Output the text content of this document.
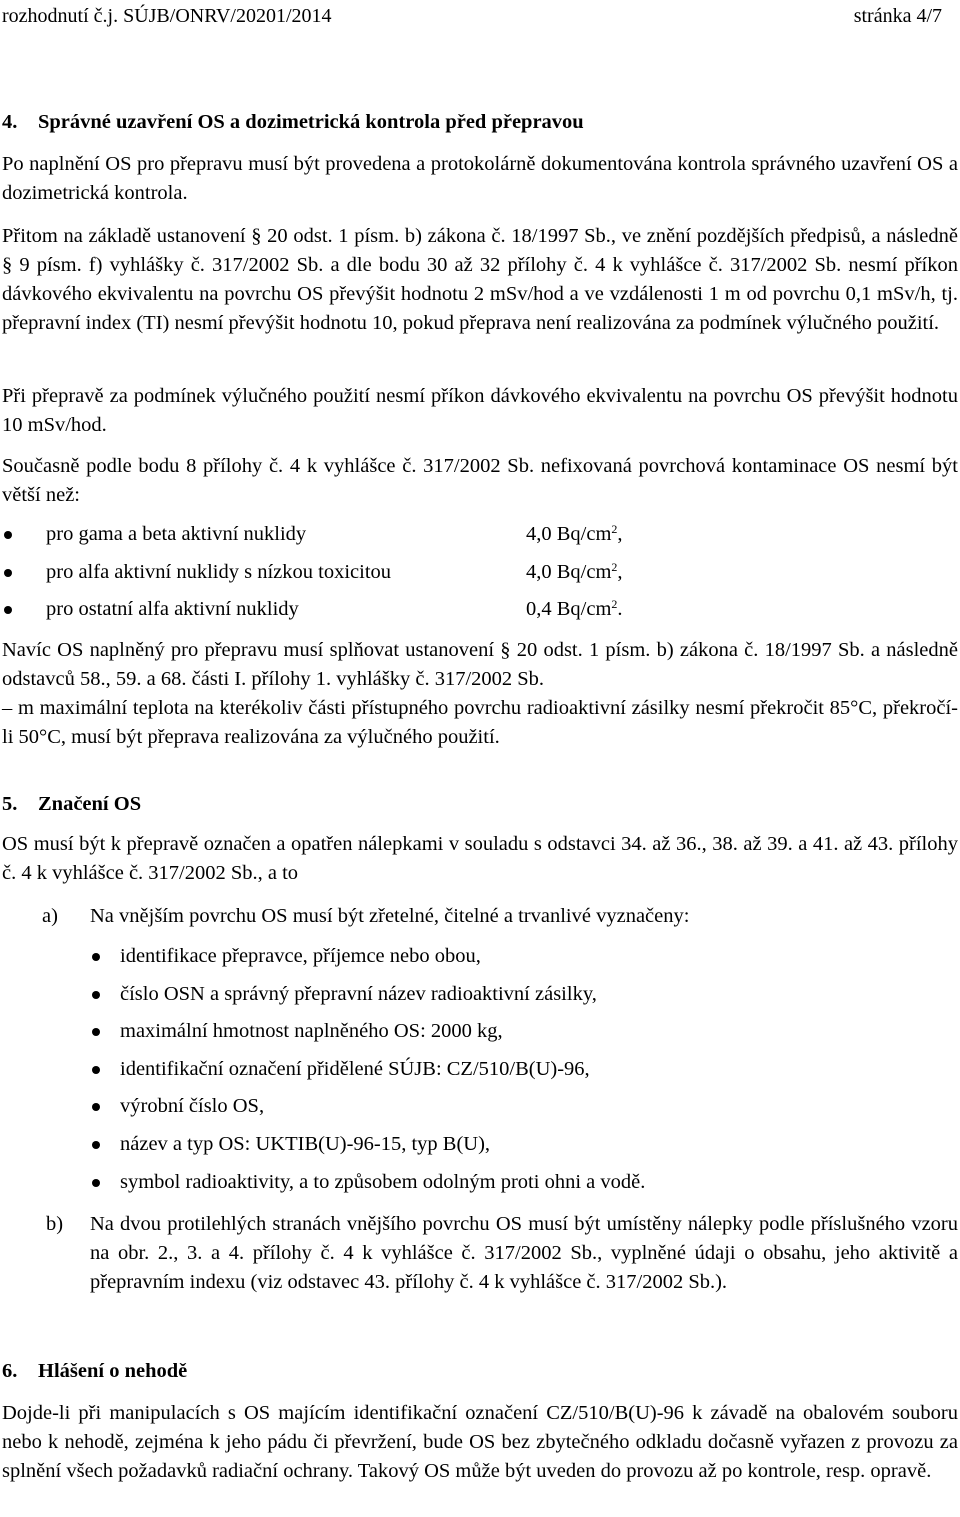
rozhodnutí č.j. SÚJB/ONRV/20201/2014	stránka 4/7
4. Správné uzavření OS a dozimetrická kontrola před přepravou
Po naplnění OS pro přepravu musí být provedena a protokolárně dokumentována kontrola správného uzavření OS a dozimetrická kontrola.
Přitom na základě ustanovení § 20 odst. 1 písm. b) zákona č. 18/1997 Sb., ve znění pozdějších předpisů, a následně § 9 písm. f) vyhlášky č. 317/2002 Sb. a dle bodu 30 až 32 přílohy č. 4 k vyhlášce č. 317/2002 Sb. nesmí příkon dávkového ekvivalentu na povrchu OS převýšit hodnotu 2 mSv/hod a ve vzdálenosti 1 m od povrchu 0,1 mSv/h, tj. přepravní index (TI) nesmí převýšit hodnotu 10, pokud přeprava není realizována za podmínek výlučného použití.
Při přepravě za podmínek výlučného použití nesmí příkon dávkového ekvivalentu na povrchu OS převýšit hodnotu 10 mSv/hod.
Současně podle bodu 8 přílohy č. 4 k vyhlášce č. 317/2002 Sb. nefixovaná povrchová kontaminace OS nesmí být větší než:
pro gama a beta aktivní nuklidy	4,0 $Bq/cm^2$,
pro alfa aktivní nuklidy s nízkou toxicitou	4,0 $Bq/cm^2$,
pro ostatní alfa aktivní nuklidy	0,4 $Bq/cm^2$.
Navíc OS naplněný pro přepravu musí splňovat ustanovení § 20 odst. 1 písm. b) zákona č. 18/1997 Sb. a následně odstavců 58., 59. a 68. části I. přílohy 1. vyhlášky č. 317/2002 Sb.
– m maximální teplota na kterékoliv části přístupného povrchu radioaktivní zásilky nesmí překročit 85°C, překročí-li 50°C, musí být přeprava realizována za výlučného použití.
5. Značení OS
OS musí být k přepravě označen a opatřen nálepkami v souladu s odstavci 34. až 36., 38. až 39. a 41. až 43. přílohy č. 4 k vyhlášce č. 317/2002 Sb., a to
a) Na vnějším povrchu OS musí být zřetelné, čitelné a trvanlivé vyznačeny:
identifikace přepravce, příjemce nebo obou,
číslo OSN a správný přepravní název radioaktivní zásilky,
maximální hmotnost naplněného OS: 2000 kg,
identifikační označení přidělené SÚJB: CZ/510/B(U)-96,
výrobní číslo OS,
název a typ OS: UKTIB(U)-96-15, typ B(U),
symbol radioaktivity, a to způsobem odolným proti ohni a vodě.
b) Na dvou protilehlých stranách vnějšího povrchu OS musí být umístěny nálepky podle příslušného vzoru na obr. 2., 3. a 4. přílohy č. 4 k vyhlášce č. 317/2002 Sb., vyplněné údaji o obsahu, jeho aktivitě a přepravním indexu (viz odstavec 43. přílohy č. 4 k vyhlášce č. 317/2002 Sb.).
6. Hlášení o nehodě
Dojde-li při manipulacích s OS majícím identifikační označení CZ/510/B(U)-96 k závadě na obalovém souboru nebo k nehodě, zejména k jeho pádu či převržení, bude OS bez zbytečného odkladu dočasně vyřazen z provozu za splnění všech požadavků radiační ochrany. Takový OS může být uveden do provozu až po kontrole, resp. opravě.
